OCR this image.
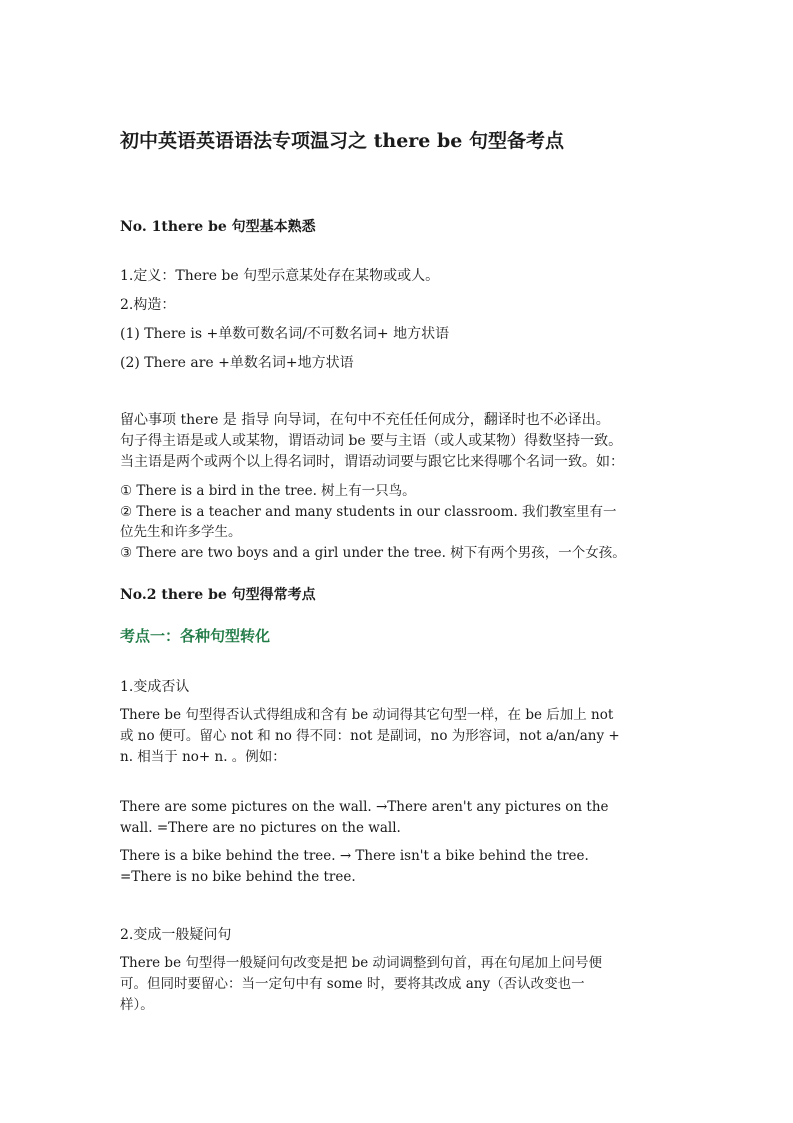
初中英语英语语法专项温习之 there be 句型备考点
No. 1there be 句型基本熟悉
1.定义：There be 句型示意某处存在某物或或人。
2.构造：
(1) There is +单数可数名词/不可数名词+ 地方状语
(2) There are +单数名词+地方状语
留心事项 there 是 指导 向导词，在句中不充任任何成分，翻译时也不必译出。
句子得主语是或人或某物，谓语动词 be 要与主语（或人或某物）得数坚持一致。
当主语是两个或两个以上得名词时，谓语动词要与跟它比来得哪个名词一致。如：
① There is a bird in the tree. 树上有一只鸟。
② There is a teacher and many students in our classroom. 我们教室里有一
位先生和许多学生。
③ There are two boys and a girl under the tree. 树下有两个男孩，一个女孩。
No.2 there be 句型得常考点
考点一：各种句型转化
1.变成否认
There be 句型得否认式得组成和含有 be 动词得其它句型一样，在 be 后加上 not
或 no 便可。留心 not 和 no 得不同：not 是副词，no 为形容词，not a/an/any +
n. 相当于 no+ n. 。例如：
There are some pictures on the wall. →There aren't any pictures on the
wall. =There are no pictures on the wall.
There is a bike behind the tree. → There isn't a bike behind the tree.
=There is no bike behind the tree.
2.变成一般疑问句
There be 句型得一般疑问句改变是把 be 动词调整到句首，再在句尾加上问号便
可。但同时要留心：当一定句中有 some 时，要将其改成 any（否认改变也一
样）。
